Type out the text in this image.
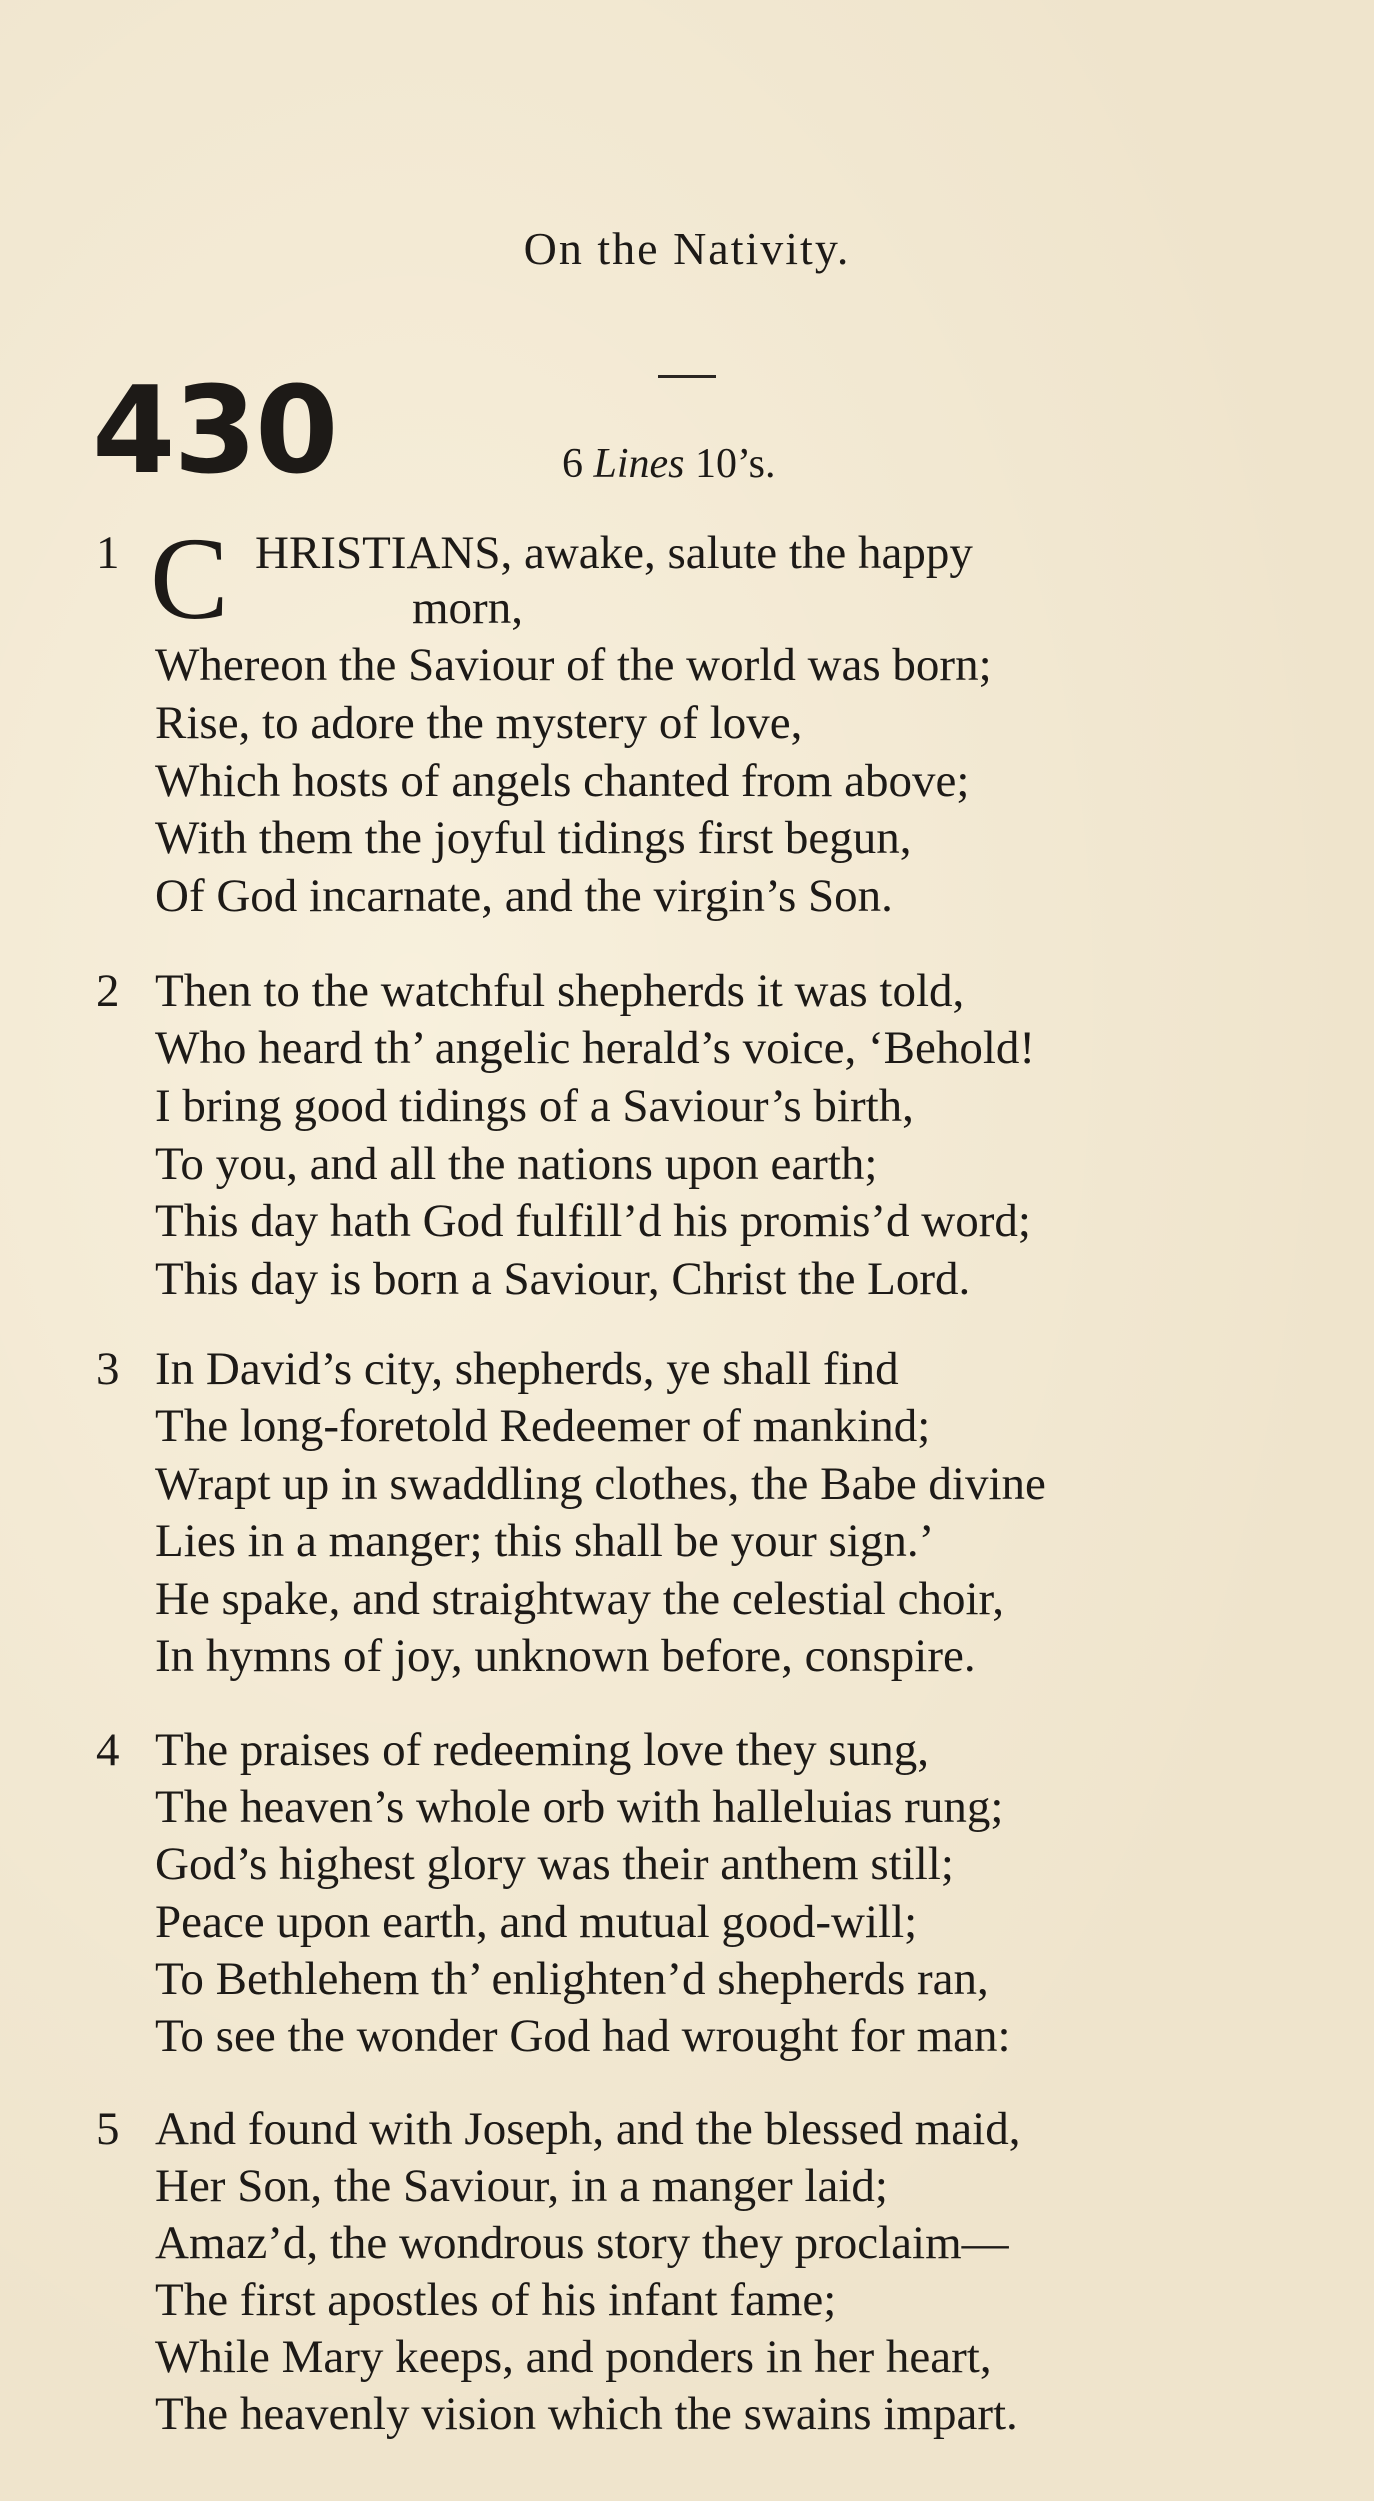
On the Nativity.
430	6 Lines 10’s.
C
1	HRISTIANS, awake, salute the happy
morn,
Whereon the Saviour of the world was born;
Rise, to adore the mystery of love,
Which hosts of angels chanted from above;
With them the joyful tidings first begun,
Of God incarnate, and the virgin’s Son.
2 Then to the watchful shepherds it was told,
Who heard th’ angelic herald’s voice, ‘Behold!
I bring good tidings of a Saviour’s birth,
To you, and all the nations upon earth;
This day hath God fulfill’d his promis’d word;
This day is born a Saviour, Christ the Lord.
3 In David’s city, shepherds, ye shall find
The long-foretold Redeemer of mankind;
Wrapt up in swaddling clothes, the Babe divine
Lies in a manger; this shall be your sign.’
He spake, and straightway the celestial choir,
In hymns of joy, unknown before, conspire.
4 The praises of redeeming love they sung,
The heaven’s whole orb with halleluias rung;
God’s highest glory was their anthem still;
Peace upon earth, and mutual good-will;
To Bethlehem th’ enlighten’d shepherds ran,
To see the wonder God had wrought for man:
5 And found with Joseph, and the blessed maid,
Her Son, the Saviour, in a manger laid;
Amaz’d, the wondrous story they proclaim—
The first apostles of his infant fame;
While Mary keeps, and ponders in her heart,
The heavenly vision which the swains impart.
